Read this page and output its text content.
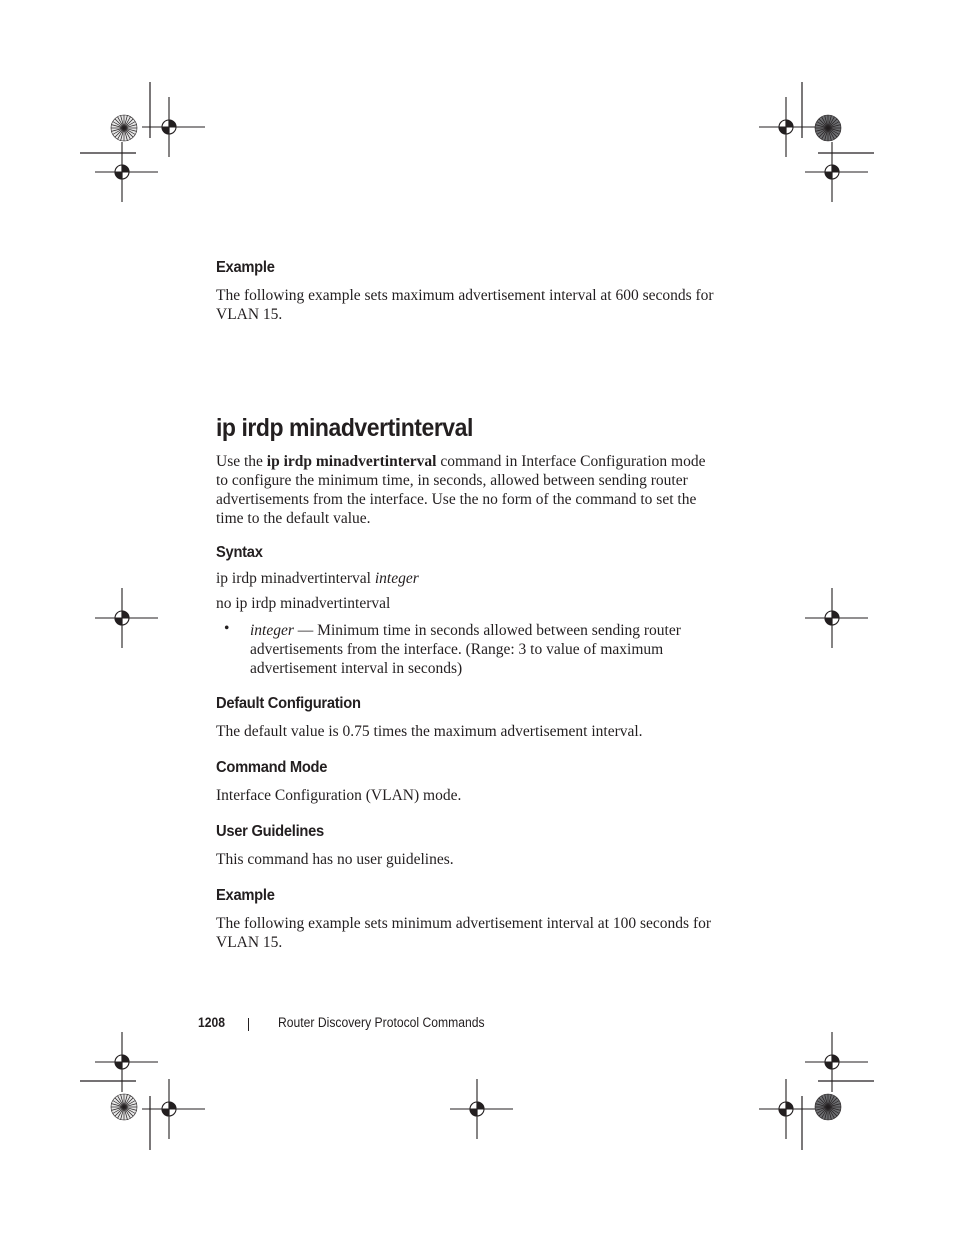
Example
The following example sets maximum advertisement interval at 600 seconds for VLAN 15.
ip irdp minadvertinterval
Use the ip irdp minadvertinterval command in Interface Configuration mode to configure the minimum time, in seconds, allowed between sending router advertisements from the interface. Use the no form of the command to set the time to the default value.
Syntax
ip irdp minadvertinterval integer
no ip irdp minadvertinterval
• integer — Minimum time in seconds allowed between sending router advertisements from the interface. (Range: 3 to value of maximum advertisement interval in seconds)
Default Configuration
The default value is 0.75 times the maximum advertisement interval.
Command Mode
Interface Configuration (VLAN) mode.
User Guidelines
This command has no user guidelines.
Example
The following example sets minimum advertisement interval at 100 seconds for VLAN 15.
1208	Router Discovery Protocol Commands
